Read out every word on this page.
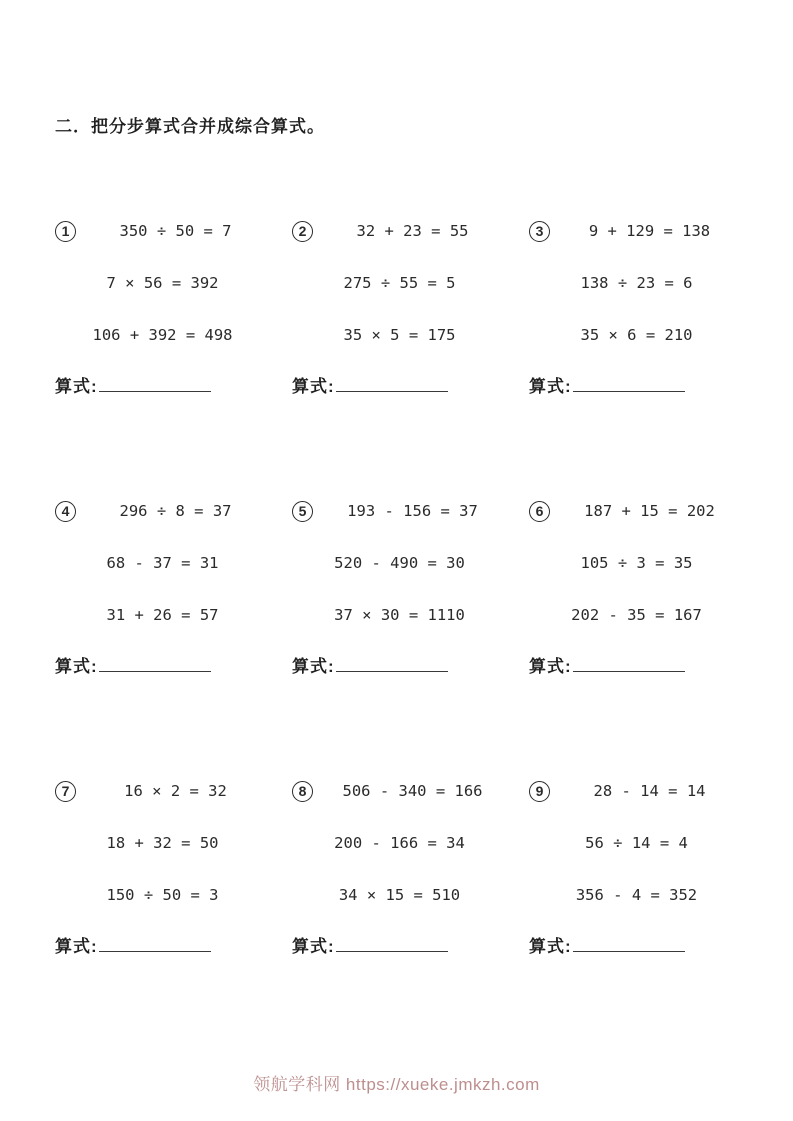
二．把分步算式合并成综合算式。
1	350 ÷ 50 = 7
7 × 56 = 392
106 + 392 = 498
算式:
2	32 + 23 = 55
275 ÷ 55 = 5
35 × 5 = 175
算式:
3	9 + 129 = 138
138 ÷ 23 = 6
35 × 6 = 210
算式:
4	296 ÷ 8 = 37
68 - 37 = 31
31 + 26 = 57
算式:
5	193 - 156 = 37
520 - 490 = 30
37 × 30 = 1110
算式:
6	187 + 15 = 202
105 ÷ 3 = 35
202 - 35 = 167
算式:
7	16 × 2 = 32
18 + 32 = 50
150 ÷ 50 = 3
算式:
8	506 - 340 = 166
200 - 166 = 34
34 × 15 = 510
算式:
9	28 - 14 = 14
56 ÷ 14 = 4
356 - 4 = 352
算式:
领航学科网 https://xueke.jmkzh.com
